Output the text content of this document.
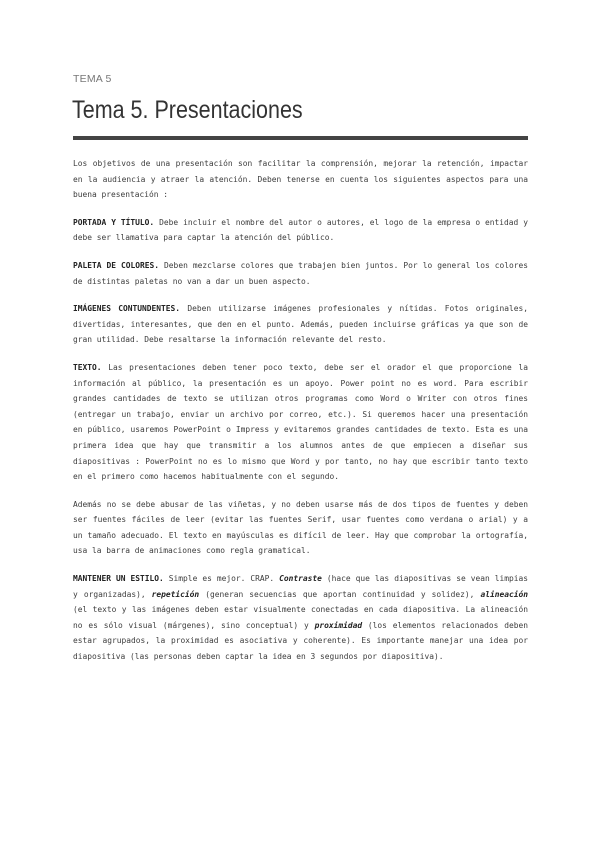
TEMA 5
Tema 5. Presentaciones

Los objetivos de una presentación son facilitar la comprensión, mejorar la retención, impactar en la audiencia y atraer la atención. Deben tenerse en cuenta los siguientes aspectos para una buena presentación :

PORTADA Y TÍTULO. Debe incluir el nombre del autor o autores, el logo de la empresa o entidad y debe ser llamativa para captar la atención del público.

PALETA DE COLORES. Deben mezclarse colores que trabajen bien juntos. Por lo general los colores de distintas paletas no van a dar un buen aspecto.

IMÁGENES CONTUNDENTES. Deben utilizarse imágenes profesionales y nítidas. Fotos originales, divertidas, interesantes, que den en el punto. Además, pueden incluirse gráficas ya que son de gran utilidad. Debe resaltarse la información relevante del resto.

TEXTO. Las presentaciones deben tener poco texto, debe ser el orador el que proporcione la información al público, la presentación es un apoyo. Power point no es word. Para escribir grandes cantidades de texto se utilizan otros programas como Word o Writer con otros fines (entregar un trabajo, enviar un archivo por correo, etc.). Si queremos hacer una presentación en público, usaremos PowerPoint o Impress y evitaremos grandes cantidades de texto. Esta es una primera idea que hay que transmitir a los alumnos antes de que empiecen a diseñar sus diapositivas : PowerPoint no es lo mismo que Word y por tanto, no hay que escribir tanto texto en el primero como hacemos habitualmente con el segundo.

Además no se debe abusar de las viñetas, y no deben usarse más de dos tipos de fuentes y deben ser fuentes fáciles de leer (evitar las fuentes Serif, usar fuentes como verdana o arial) y a un tamaño adecuado. El texto en mayúsculas es difícil de leer. Hay que comprobar la ortografía, usa la barra de animaciones como regla gramatical.

MANTENER UN ESTILO. Simple es mejor. CRAP. Contraste (hace que las diapositivas se vean limpias y organizadas), repetición (generan secuencias que aportan continuidad y solidez), alineación (el texto y las imágenes deben estar visualmente conectadas en cada diapositiva. La alineación no es sólo visual (márgenes), sino conceptual) y proximidad (los elementos relacionados deben estar agrupados, la proximidad es asociativa y coherente). Es importante manejar una idea por diapositiva (las personas deben captar la idea en 3 segundos por diapositiva).
